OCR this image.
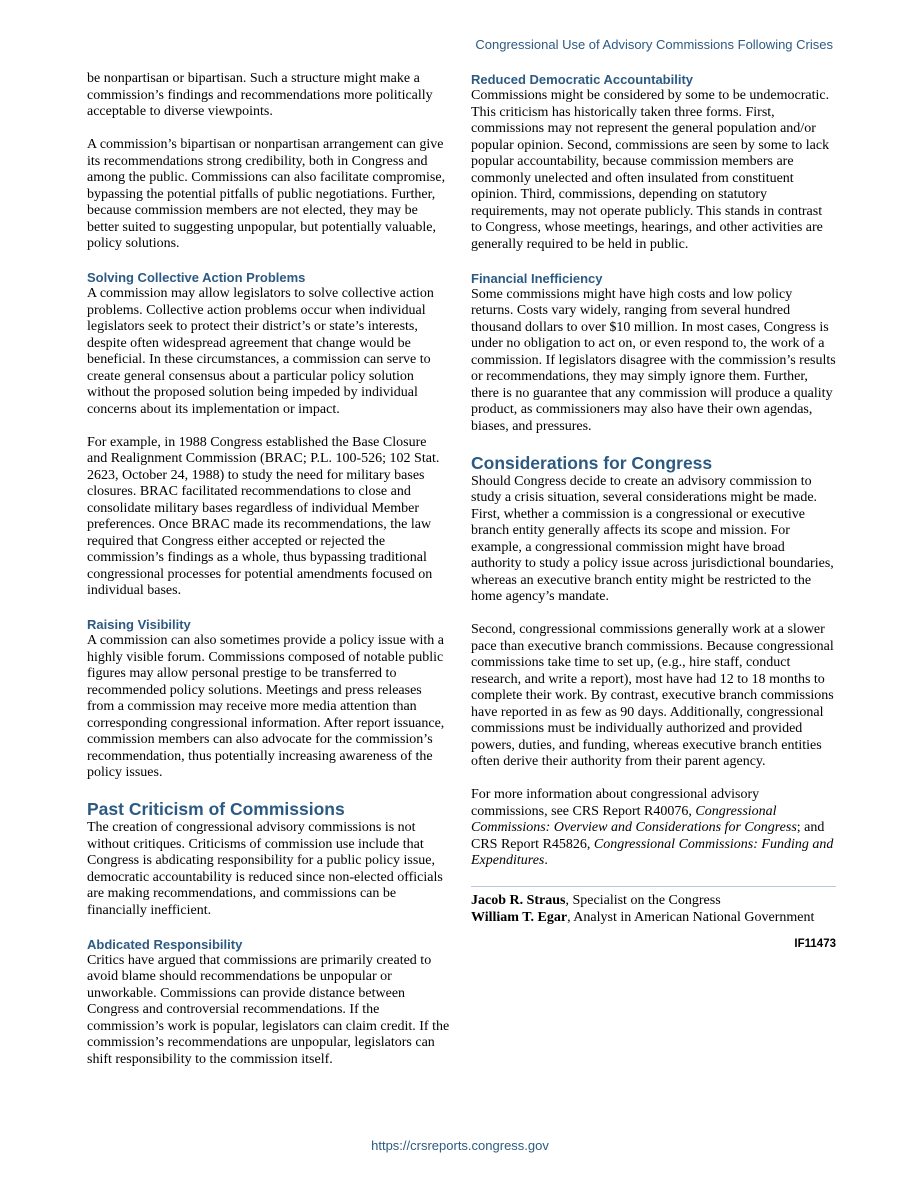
Congressional Use of Advisory Commissions Following Crises

be nonpartisan or bipartisan. Such a structure might make a commission’s findings and recommendations more politically acceptable to diverse viewpoints.

A commission’s bipartisan or nonpartisan arrangement can give its recommendations strong credibility, both in Congress and among the public. Commissions can also facilitate compromise, bypassing the potential pitfalls of public negotiations. Further, because commission members are not elected, they may be better suited to suggesting unpopular, but potentially valuable, policy solutions.

Solving Collective Action Problems

A commission may allow legislators to solve collective action problems. Collective action problems occur when individual legislators seek to protect their district’s or state’s interests, despite often widespread agreement that change would be beneficial. In these circumstances, a commission can serve to create general consensus about a particular policy solution without the proposed solution being impeded by individual concerns about its implementation or impact.

For example, in 1988 Congress established the Base Closure and Realignment Commission (BRAC; P.L. 100-526; 102 Stat. 2623, October 24, 1988) to study the need for military bases closures. BRAC facilitated recommendations to close and consolidate military bases regardless of individual Member preferences. Once BRAC made its recommendations, the law required that Congress either accepted or rejected the commission’s findings as a whole, thus bypassing traditional congressional processes for potential amendments focused on individual bases.

Raising Visibility

A commission can also sometimes provide a policy issue with a highly visible forum. Commissions composed of notable public figures may allow personal prestige to be transferred to recommended policy solutions. Meetings and press releases from a commission may receive more media attention than corresponding congressional information. After report issuance, commission members can also advocate for the commission’s recommendation, thus potentially increasing awareness of the policy issues.

Past Criticism of Commissions

The creation of congressional advisory commissions is not without critiques. Criticisms of commission use include that Congress is abdicating responsibility for a public policy issue, democratic accountability is reduced since non-elected officials are making recommendations, and commissions can be financially inefficient.

Abdicated Responsibility

Critics have argued that commissions are primarily created to avoid blame should recommendations be unpopular or unworkable. Commissions can provide distance between Congress and controversial recommendations. If the commission’s work is popular, legislators can claim credit. If the commission’s recommendations are unpopular, legislators can shift responsibility to the commission itself.

Reduced Democratic Accountability

Commissions might be considered by some to be undemocratic. This criticism has historically taken three forms. First, commissions may not represent the general population and/or popular opinion. Second, commissions are seen by some to lack popular accountability, because commission members are commonly unelected and often insulated from constituent opinion. Third, commissions, depending on statutory requirements, may not operate publicly. This stands in contrast to Congress, whose meetings, hearings, and other activities are generally required to be held in public.

Financial Inefficiency

Some commissions might have high costs and low policy returns. Costs vary widely, ranging from several hundred thousand dollars to over $10 million. In most cases, Congress is under no obligation to act on, or even respond to, the work of a commission. If legislators disagree with the commission’s results or recommendations, they may simply ignore them. Further, there is no guarantee that any commission will produce a quality product, as commissioners may also have their own agendas, biases, and pressures.

Considerations for Congress

Should Congress decide to create an advisory commission to study a crisis situation, several considerations might be made. First, whether a commission is a congressional or executive branch entity generally affects its scope and mission. For example, a congressional commission might have broad authority to study a policy issue across jurisdictional boundaries, whereas an executive branch entity might be restricted to the home agency’s mandate.

Second, congressional commissions generally work at a slower pace than executive branch commissions. Because congressional commissions take time to set up, (e.g., hire staff, conduct research, and write a report), most have had 12 to 18 months to complete their work. By contrast, executive branch commissions have reported in as few as 90 days. Additionally, congressional commissions must be individually authorized and provided powers, duties, and funding, whereas executive branch entities often derive their authority from their parent agency.

For more information about congressional advisory commissions, see CRS Report R40076, Congressional Commissions: Overview and Considerations for Congress; and CRS Report R45826, Congressional Commissions: Funding and Expenditures.

Jacob R. Straus, Specialist on the Congress
William T. Egar, Analyst in American National Government
IF11473
https://crsreports.congress.gov
